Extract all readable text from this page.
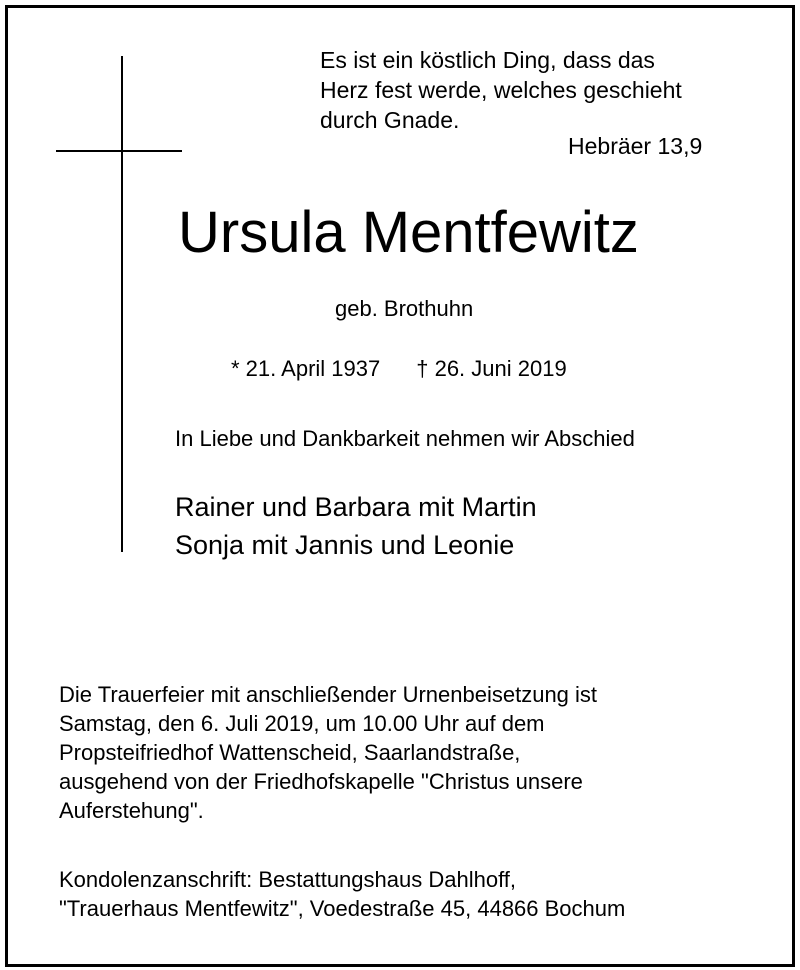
Es ist ein köstlich Ding, dass das
Herz fest werde, welches geschieht
durch Gnade.
Hebräer 13,9
Ursula Mentfewitz
geb. Brothuhn
* 21. April 1937 † 26. Juni 2019
In Liebe und Dankbarkeit nehmen wir Abschied
Rainer und Barbara mit Martin
Sonja mit Jannis und Leonie
Die Trauerfeier mit anschließender Urnenbeisetzung ist
Samstag, den 6. Juli 2019, um 10.00 Uhr auf dem
Propsteifriedhof Wattenscheid, Saarlandstraße,
ausgehend von der Friedhofskapelle "Christus unsere
Auferstehung".
Kondolenzanschrift: Bestattungshaus Dahlhoff,
"Trauerhaus Mentfewitz", Voedestraße 45, 44866 Bochum
